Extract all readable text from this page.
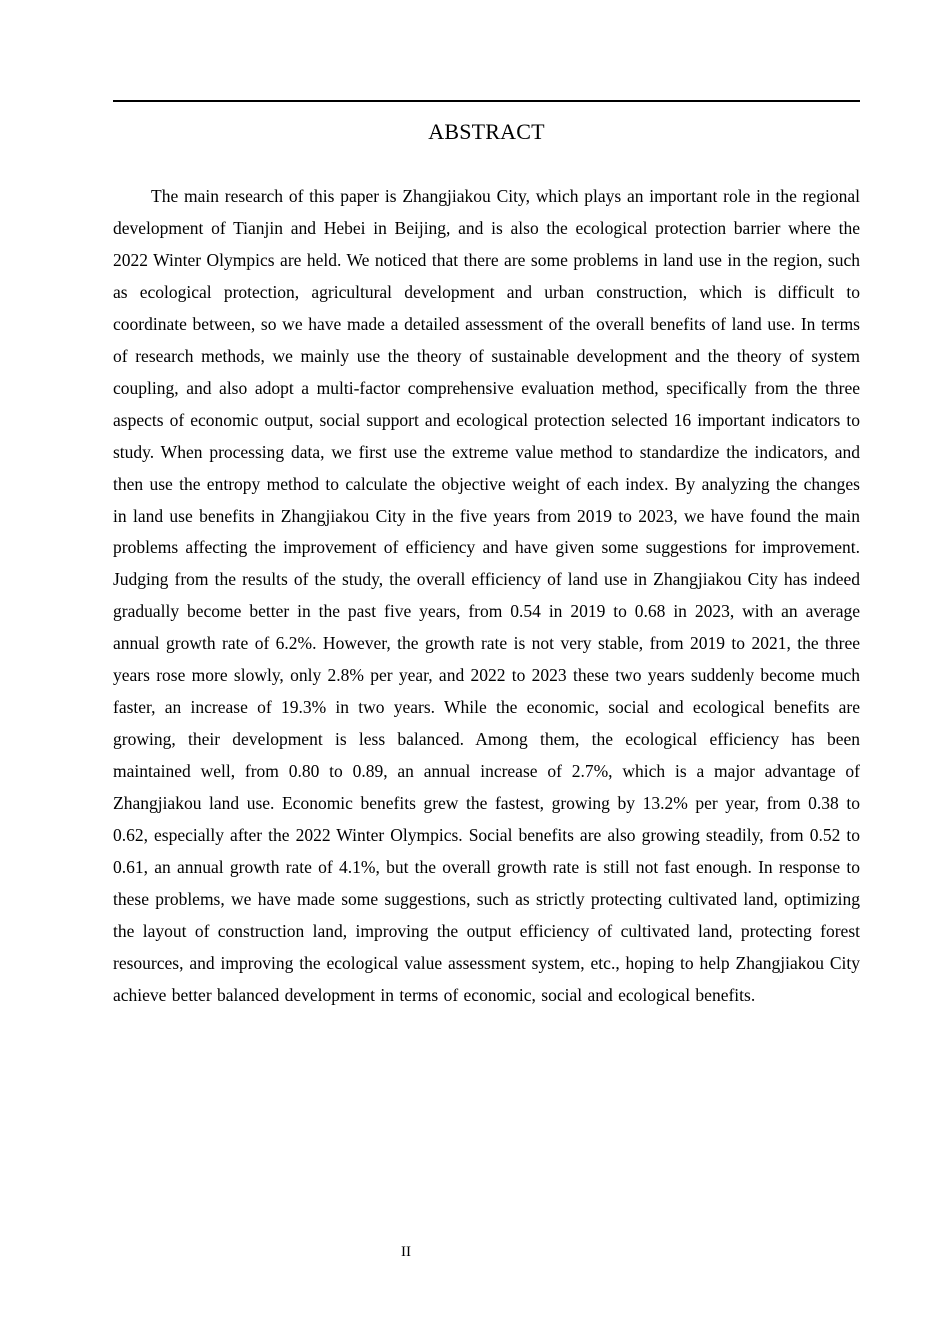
ABSTRACT

The main research of this paper is Zhangjiakou City, which plays an important role in the regional development of Tianjin and Hebei in Beijing, and is also the ecological protection barrier where the 2022 Winter Olympics are held. We noticed that there are some problems in land use in the region, such as ecological protection, agricultural development and urban construction, which is difficult to coordinate between, so we have made a detailed assessment of the overall benefits of land use. In terms of research methods, we mainly use the theory of sustainable development and the theory of system coupling, and also adopt a multi-factor comprehensive evaluation method, specifically from the three aspects of economic output, social support and ecological protection selected 16 important indicators to study. When processing data, we first use the extreme value method to standardize the indicators, and then use the entropy method to calculate the objective weight of each index. By analyzing the changes in land use benefits in Zhangjiakou City in the five years from 2019 to 2023, we have found the main problems affecting the improvement of efficiency and have given some suggestions for improvement. Judging from the results of the study, the overall efficiency of land use in Zhangjiakou City has indeed gradually become better in the past five years, from 0.54 in 2019 to 0.68 in 2023, with an average annual growth rate of 6.2%. However, the growth rate is not very stable, from 2019 to 2021, the three years rose more slowly, only 2.8% per year, and 2022 to 2023 these two years suddenly become much faster, an increase of 19.3% in two years. While the economic, social and ecological benefits are growing, their development is less balanced. Among them, the ecological efficiency has been maintained well, from 0.80 to 0.89, an annual increase of 2.7%, which is a major advantage of Zhangjiakou land use. Economic benefits grew the fastest, growing by 13.2% per year, from 0.38 to 0.62, especially after the 2022 Winter Olympics. Social benefits are also growing steadily, from 0.52 to 0.61, an annual growth rate of 4.1%, but the overall growth rate is still not fast enough. In response to these problems, we have made some suggestions, such as strictly protecting cultivated land, optimizing the layout of construction land, improving the output efficiency of cultivated land, protecting forest resources, and improving the ecological value assessment system, etc., hoping to help Zhangjiakou City achieve better balanced development in terms of economic, social and ecological benefits.

II
